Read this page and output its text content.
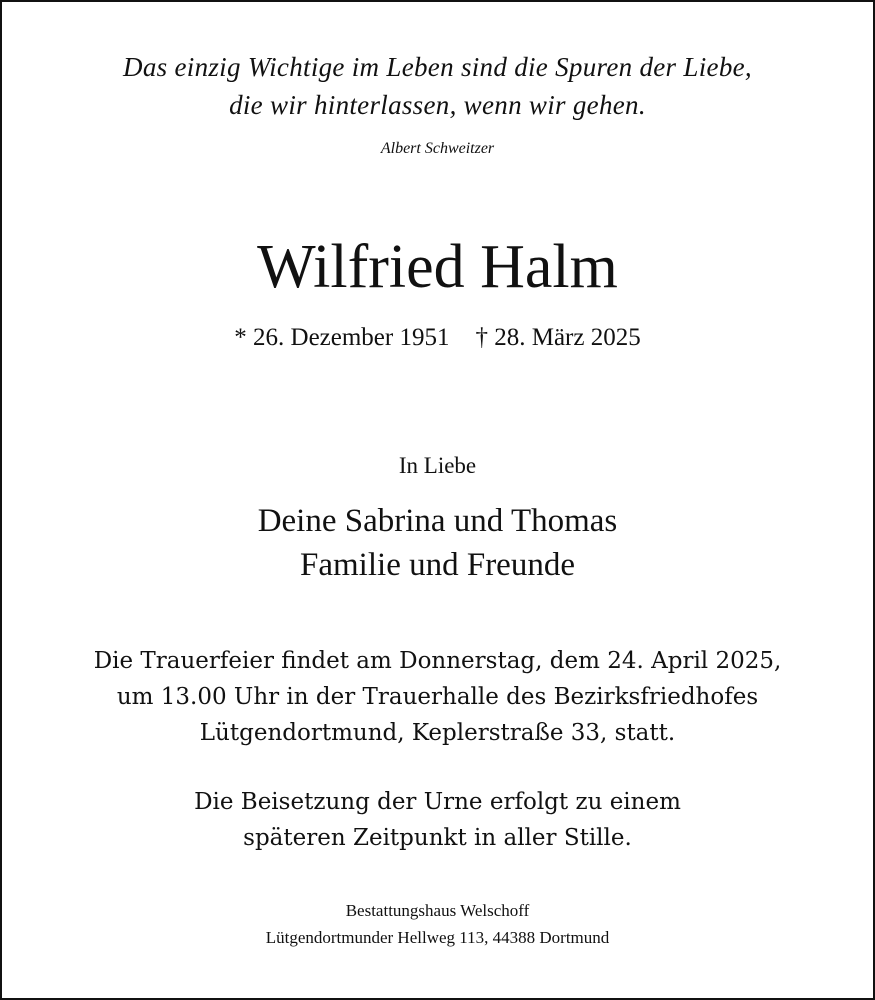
Das einzig Wichtige im Leben sind die Spuren der Liebe,
die wir hinterlassen, wenn wir gehen.
Albert Schweitzer
Wilfried Halm
* 26. Dezember 1951 † 28. März 2025
In Liebe
Deine Sabrina und Thomas
Familie und Freunde
Die Trauerfeier findet am Donnerstag, dem 24. April 2025,
um 13.00 Uhr in der Trauerhalle des Bezirksfriedhofes
Lütgendortmund, Keplerstraße 33, statt.
Die Beisetzung der Urne erfolgt zu einem
späteren Zeitpunkt in aller Stille.
Bestattungshaus Welschoff
Lütgendortmunder Hellweg 113, 44388 Dortmund
